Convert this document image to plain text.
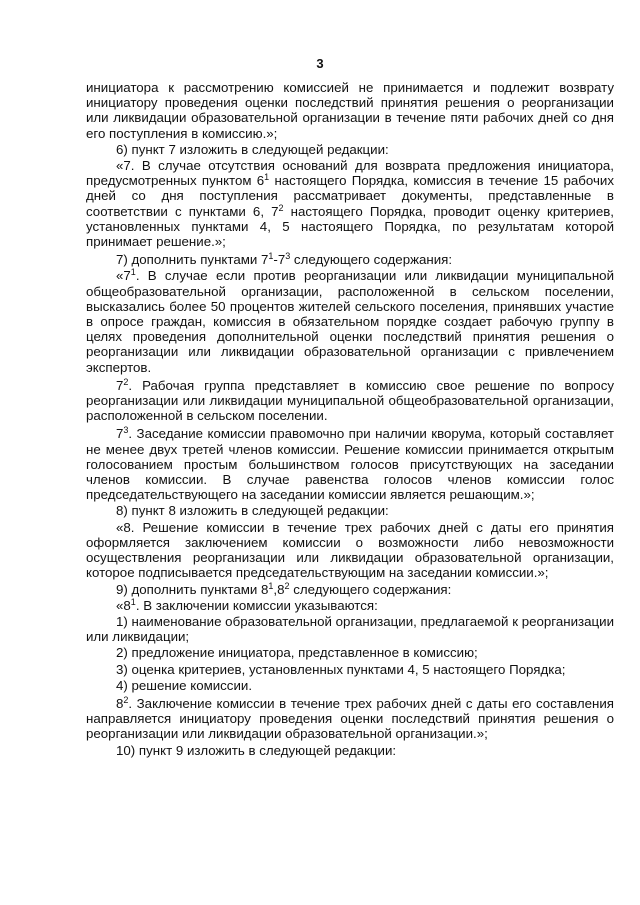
3

инициатора к рассмотрению комиссией не принимается и подлежит возврату инициатору проведения оценки последствий принятия решения о реорганизации или ликвидации образовательной организации в течение пяти рабочих дней со дня его поступления в комиссию.»;

6) пункт 7 изложить в следующей редакции:

«7. В случае отсутствия оснований для возврата предложения инициатора, предусмотренных пунктом $6^1$ настоящего Порядка, комиссия в течение 15 рабочих дней со дня поступления рассматривает документы, представленные в соответствии с пунктами 6, $7^2$ настоящего Порядка, проводит оценку критериев, установленных пунктами 4, 5 настоящего Порядка, по результатам которой принимает решение.»;

7) дополнить пунктами $7^1-7^3$ следующего содержания:

«$7^1$. В случае если против реорганизации или ликвидации муниципальной общеобразовательной организации, расположенной в сельском поселении, высказались более 50 процентов жителей сельского поселения, принявших участие в опросе граждан, комиссия в обязательном порядке создает рабочую группу в целях проведения дополнительной оценки последствий принятия решения о реорганизации или ликвидации образовательной организации с привлечением экспертов.

$7^2$. Рабочая группа представляет в комиссию свое решение по вопросу реорганизации или ликвидации муниципальной общеобразовательной организации, расположенной в сельском поселении.

$7^3$. Заседание комиссии правомочно при наличии кворума, который составляет не менее двух третей членов комиссии. Решение комиссии принимается открытым голосованием простым большинством голосов присутствующих на заседании членов комиссии. В случае равенства голосов членов комиссии голос председательствующего на заседании комиссии является решающим.»;

8) пункт 8 изложить в следующей редакции:

«8. Решение комиссии в течение трех рабочих дней с даты его принятия оформляется заключением комиссии о возможности либо невозможности осуществления реорганизации или ликвидации образовательной организации, которое подписывается председательствующим на заседании комиссии.»;

9) дополнить пунктами $8^1,8^2$ следующего содержания:

«$8^1$. В заключении комиссии указываются:

1) наименование образовательной организации, предлагаемой к реорганизации или ликвидации;

2) предложение инициатора, представленное в комиссию;

3) оценка критериев, установленных пунктами 4, 5 настоящего Порядка;

4) решение комиссии.

$8^2$. Заключение комиссии в течение трех рабочих дней с даты его составления направляется инициатору проведения оценки последствий принятия решения о реорганизации или ликвидации образовательной организации.»;

10) пункт 9 изложить в следующей редакции:
